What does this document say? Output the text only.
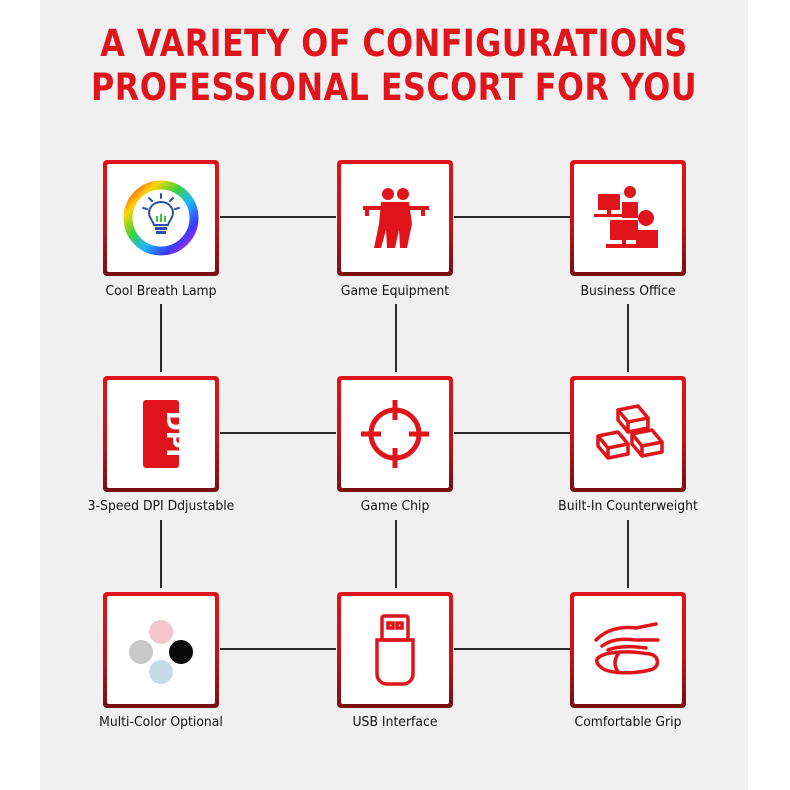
A VARIETY OF CONFIGURATIONS
PROFESSIONAL ESCORT FOR YOU
Cool Breath Lamp	Game Equipment	Business Office
DPI
3-Speed DPI Ddjustable	Game Chip	Built-In Counterweight
Multi-Color Optional	USB Interface	Comfortable Grip
